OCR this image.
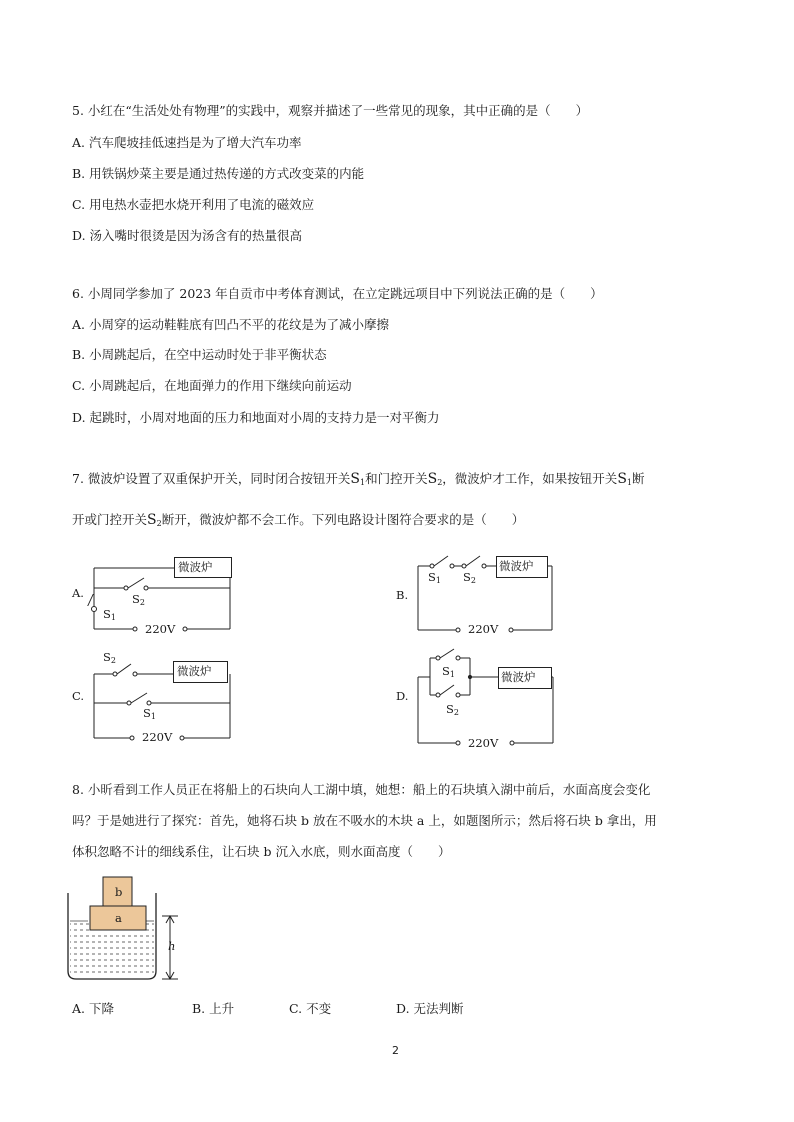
5. 小红在“生活处处有物理”的实践中，观察并描述了一些常见的现象，其中正确的是（　　）
A. 汽车爬坡挂低速挡是为了增大汽车功率
B. 用铁锅炒菜主要是通过热传递的方式改变菜的内能
C. 用电热水壶把水烧开利用了电流的磁效应
D. 汤入嘴时很烫是因为汤含有的热量很高
6. 小周同学参加了 2023 年自贡市中考体育测试，在立定跳远项目中下列说法正确的是（　　）
A. 小周穿的运动鞋鞋底有凹凸不平的花纹是为了减小摩擦
B. 小周跳起后，在空中运动时处于非平衡状态
C. 小周跳起后，在地面弹力的作用下继续向前运动
D. 起跳时，小周对地面的压力和地面对小周的支持力是一对平衡力
7. 微波炉设置了双重保护开关，同时闭合按钮开关$S_1$和门控开关$S_2$，微波炉才工作，如果按钮开关$S_1$断
开或门控开关$S_2$断开，微波炉都不会工作。下列电路设计图符合要求的是（　　）
A.
微波炉
$S_2$
$S_1$
220V
B.
微波炉
$S_1$ $S_2$
220V
C.
微波炉
$S_2$
$S_1$
220V
D.
微波炉
$S_1$
$S_2$
220V
8. 小昕看到工作人员正在将船上的石块向人工湖中填，她想：船上的石块填入湖中前后，水面高度会变化
吗？于是她进行了探究：首先，她将石块 b 放在不吸水的木块 a 上，如题图所示；然后将石块 b 拿出，用
体积忽略不计的细线系住，让石块 b 沉入水底，则水面高度（　　）
b
a
h
A. 下降	B. 上升	C. 不变	D. 无法判断
2
